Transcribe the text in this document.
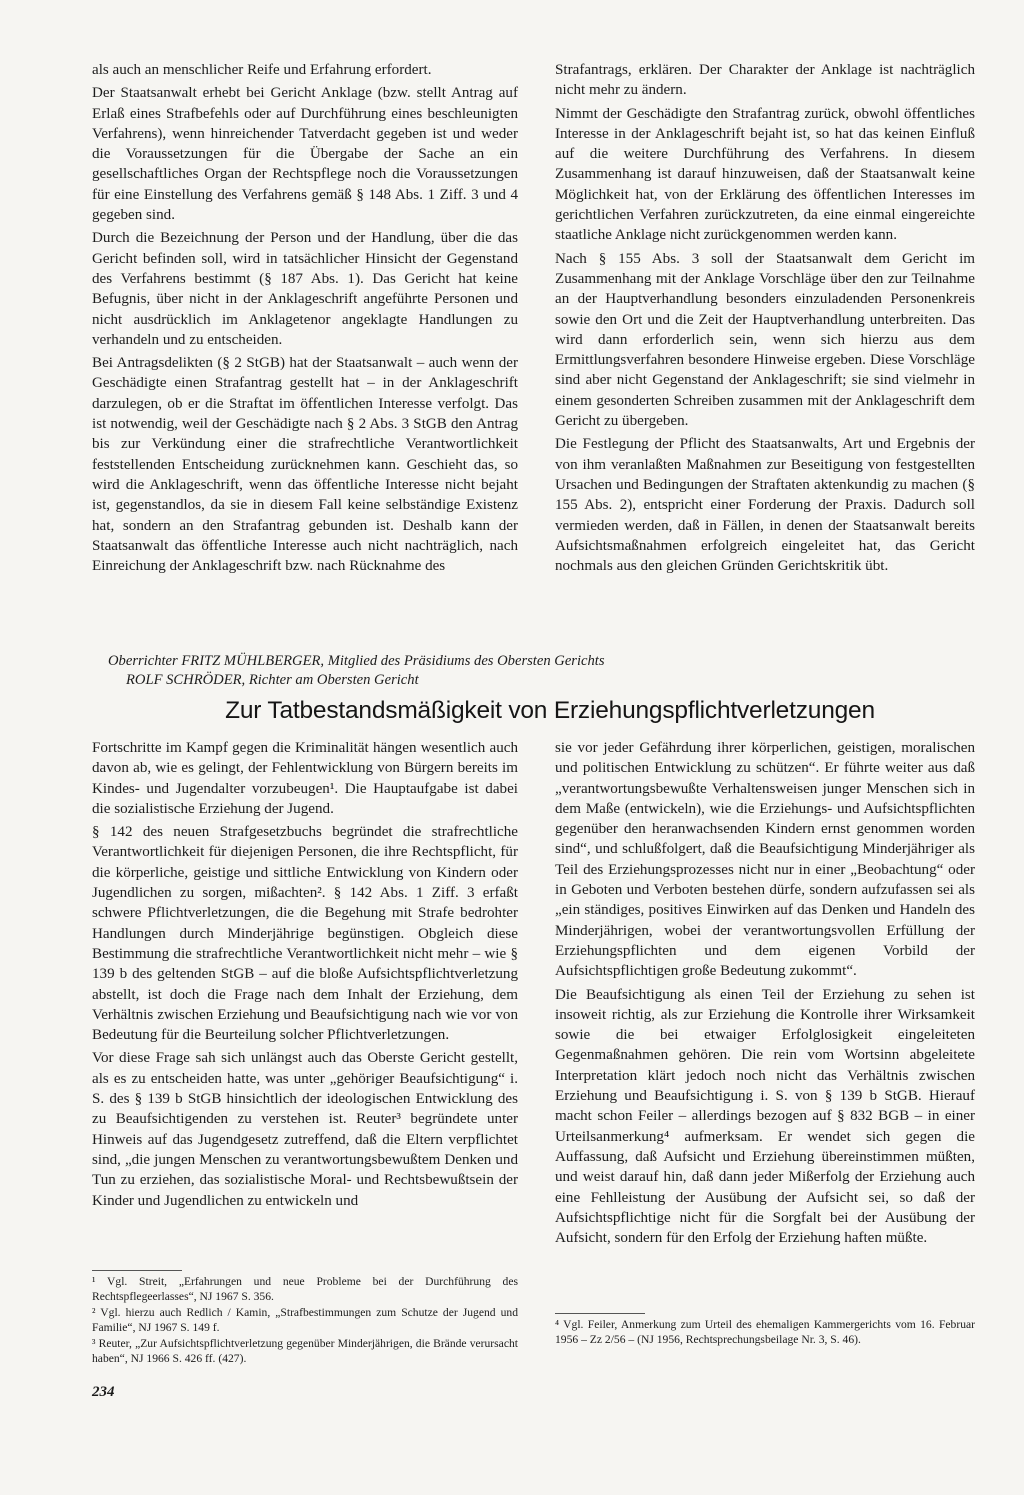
als auch an menschlicher Reife und Erfahrung erfordert.

Der Staatsanwalt erhebt bei Gericht Anklage (bzw. stellt Antrag auf Erlaß eines Strafbefehls oder auf Durchführung eines beschleunigten Verfahrens), wenn hinreichender Tatverdacht gegeben ist und weder die Voraussetzungen für die Übergabe der Sache an ein gesellschaftliches Organ der Rechtspflege noch die Voraussetzungen für eine Einstellung des Verfahrens gemäß § 148 Abs. 1 Ziff. 3 und 4 gegeben sind.

Durch die Bezeichnung der Person und der Handlung, über die das Gericht befinden soll, wird in tatsächlicher Hinsicht der Gegenstand des Verfahrens bestimmt (§ 187 Abs. 1). Das Gericht hat keine Befugnis, über nicht in der Anklageschrift angeführte Personen und nicht ausdrücklich im Anklagetenor angeklagte Handlungen zu verhandeln und zu entscheiden.

Bei Antragsdelikten (§ 2 StGB) hat der Staatsanwalt – auch wenn der Geschädigte einen Strafantrag gestellt hat – in der Anklageschrift darzulegen, ob er die Straftat im öffentlichen Interesse verfolgt. Das ist notwendig, weil der Geschädigte nach § 2 Abs. 3 StGB den Antrag bis zur Verkündung einer die strafrechtliche Verantwortlichkeit feststellenden Entscheidung zurücknehmen kann. Geschieht das, so wird die Anklageschrift, wenn das öffentliche Interesse nicht bejaht ist, gegenstandlos, da sie in diesem Fall keine selbständige Existenz hat, sondern an den Strafantrag gebunden ist. Deshalb kann der Staatsanwalt das öffentliche Interesse auch nicht nachträglich, nach Einreichung der Anklageschrift bzw. nach Rücknahme des

Strafantrags, erklären. Der Charakter der Anklage ist nachträglich nicht mehr zu ändern.

Nimmt der Geschädigte den Strafantrag zurück, obwohl öffentliches Interesse in der Anklageschrift bejaht ist, so hat das keinen Einfluß auf die weitere Durchführung des Verfahrens. In diesem Zusammenhang ist darauf hinzuweisen, daß der Staatsanwalt keine Möglichkeit hat, von der Erklärung des öffentlichen Interesses im gerichtlichen Verfahren zurückzutreten, da eine einmal eingereichte staatliche Anklage nicht zurückgenommen werden kann.

Nach § 155 Abs. 3 soll der Staatsanwalt dem Gericht im Zusammenhang mit der Anklage Vorschläge über den zur Teilnahme an der Hauptverhandlung besonders einzuladenden Personenkreis sowie den Ort und die Zeit der Hauptverhandlung unterbreiten. Das wird dann erforderlich sein, wenn sich hierzu aus dem Ermittlungsverfahren besondere Hinweise ergeben. Diese Vorschläge sind aber nicht Gegenstand der Anklageschrift; sie sind vielmehr in einem gesonderten Schreiben zusammen mit der Anklageschrift dem Gericht zu übergeben.

Die Festlegung der Pflicht des Staatsanwalts, Art und Ergebnis der von ihm veranlaßten Maßnahmen zur Beseitigung von festgestellten Ursachen und Bedingungen der Straftaten aktenkundig zu machen (§ 155 Abs. 2), entspricht einer Forderung der Praxis. Dadurch soll vermieden werden, daß in Fällen, in denen der Staatsanwalt bereits Aufsichtsmaßnahmen erfolgreich eingeleitet hat, das Gericht nochmals aus den gleichen Gründen Gerichtskritik übt.

Oberrichter FRITZ MÜHLBERGER, Mitglied des Präsidiums des Obersten Gerichts
ROLF SCHRÖDER, Richter am Obersten Gericht
Zur Tatbestandsmäßigkeit von Erziehungspflichtverletzungen

Fortschritte im Kampf gegen die Kriminalität hängen wesentlich auch davon ab, wie es gelingt, der Fehlentwicklung von Bürgern bereits im Kindes- und Jugendalter vorzubeugen¹. Die Hauptaufgabe ist dabei die sozialistische Erziehung der Jugend.

§ 142 des neuen Strafgesetzbuchs begründet die strafrechtliche Verantwortlichkeit für diejenigen Personen, die ihre Rechtspflicht, für die körperliche, geistige und sittliche Entwicklung von Kindern oder Jugendlichen zu sorgen, mißachten². § 142 Abs. 1 Ziff. 3 erfaßt schwere Pflichtverletzungen, die die Begehung mit Strafe bedrohter Handlungen durch Minderjährige begünstigen. Obgleich diese Bestimmung die strafrechtliche Verantwortlichkeit nicht mehr – wie § 139 b des geltenden StGB – auf die bloße Aufsichtspflichtverletzung abstellt, ist doch die Frage nach dem Inhalt der Erziehung, dem Verhältnis zwischen Erziehung und Beaufsichtigung nach wie vor von Bedeutung für die Beurteilung solcher Pflichtverletzungen.

Vor diese Frage sah sich unlängst auch das Oberste Gericht gestellt, als es zu entscheiden hatte, was unter „gehöriger Beaufsichtigung“ i. S. des § 139 b StGB hinsichtlich der ideologischen Entwicklung des zu Beaufsichtigenden zu verstehen ist. Reuter³ begründete unter Hinweis auf das Jugendgesetz zutreffend, daß die Eltern verpflichtet sind, „die jungen Menschen zu verantwortungsbewußtem Denken und Tun zu erziehen, das sozialistische Moral- und Rechtsbewußtsein der Kinder und Jugendlichen zu entwickeln und

sie vor jeder Gefährdung ihrer körperlichen, geistigen, moralischen und politischen Entwicklung zu schützen“. Er führte weiter aus daß „verantwortungsbewußte Verhaltensweisen junger Menschen sich in dem Maße (entwickeln), wie die Erziehungs- und Aufsichtspflichten gegenüber den heranwachsenden Kindern ernst genommen worden sind“, und schlußfolgert, daß die Beaufsichtigung Minderjähriger als Teil des Erziehungsprozesses nicht nur in einer „Beobachtung“ oder in Geboten und Verboten bestehen dürfe, sondern aufzufassen sei als „ein ständiges, positives Einwirken auf das Denken und Handeln des Minderjährigen, wobei der verantwortungsvollen Erfüllung der Erziehungspflichten und dem eigenen Vorbild der Aufsichtspflichtigen große Bedeutung zukommt“.

Die Beaufsichtigung als einen Teil der Erziehung zu sehen ist insoweit richtig, als zur Erziehung die Kontrolle ihrer Wirksamkeit sowie die bei etwaiger Erfolglosigkeit eingeleiteten Gegenmaßnahmen gehören. Die rein vom Wortsinn abgeleitete Interpretation klärt jedoch noch nicht das Verhältnis zwischen Erziehung und Beaufsichtigung i. S. von § 139 b StGB. Hierauf macht schon Feiler – allerdings bezogen auf § 832 BGB – in einer Urteilsanmerkung⁴ aufmerksam. Er wendet sich gegen die Auffassung, daß Aufsicht und Erziehung übereinstimmen müßten, und weist darauf hin, daß dann jeder Mißerfolg der Erziehung auch eine Fehlleistung der Ausübung der Aufsicht sei, so daß der Aufsichtspflichtige nicht für die Sorgfalt bei der Ausübung der Aufsicht, sondern für den Erfolg der Erziehung haften müßte.

¹ Vgl. Streit, „Erfahrungen und neue Probleme bei der Durchführung des Rechtspflegeerlasses“, NJ 1967 S. 356.

² Vgl. hierzu auch Redlich / Kamin, „Strafbestimmungen zum Schutze der Jugend und Familie“, NJ 1967 S. 149 f.

³ Reuter, „Zur Aufsichtspflichtverletzung gegenüber Minderjährigen, die Brände verursacht haben“, NJ 1966 S. 426 ff. (427).

⁴ Vgl. Feiler, Anmerkung zum Urteil des ehemaligen Kammergerichts vom 16. Februar 1956 – Zz 2/56 – (NJ 1956, Rechtsprechungsbeilage Nr. 3, S. 46).

234
